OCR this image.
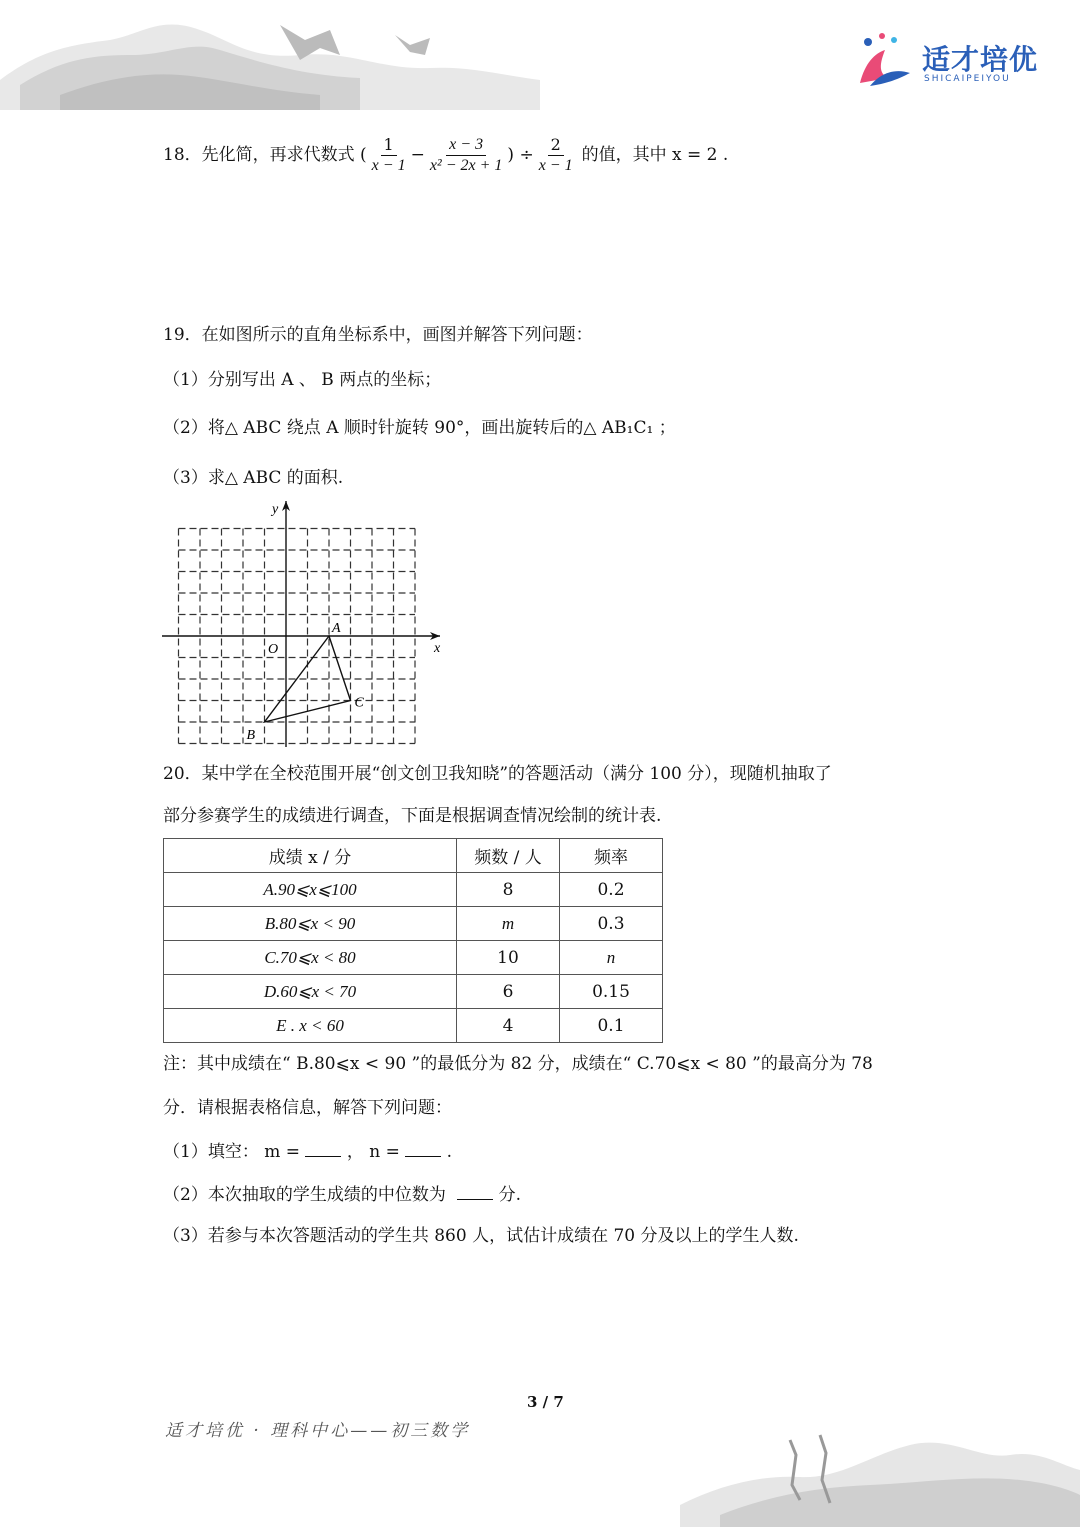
适才培优
SHICAIPEIYOU
18．先化简，再求代数式 ( $\frac{1}{x - 1} - \frac{x - 3}{\text{x² − 2x + 1}}$ ) ÷ $\frac{2}{x - 1}$ 的值，其中 x = 2 .
19．在如图所示的直角坐标系中，画图并解答下列问题：
（1）分别写出 A 、 B 两点的坐标；
（2）将△ ABC 绕点 A 顺时针旋转 90°，画出旋转后的△ AB₁C₁ ；
（3）求△ ABC 的面积.
x
y
O
A
B
C
20．某中学在全校范围开展“创文创卫我知晓”的答题活动（满分 100 分），现随机抽取了
部分参赛学生的成绩进行调查，下面是根据调查情况绘制的统计表.
成绩 x / 分	频数 / 人	频率
A.90⩽x⩽100	8	0.2
B.80⩽x < 90	m	0.3
C.70⩽x < 80	10	n
D.60⩽x < 70	6	0.15
E . x < 60	4	0.1
注：其中成绩在“ B.80⩽x < 90 ”的最低分为 82 分，成绩在“ C.70⩽x < 80 ”的最高分为 78
分．请根据表格信息，解答下列问题：
（1）填空： m =	， n =	.
（2）本次抽取的学生成绩的中位数为	分.
（3）若参与本次答题活动的学生共 860 人，试估计成绩在 70 分及以上的学生人数.
3 / 7
适才培优 · 理科中心——初三数学
